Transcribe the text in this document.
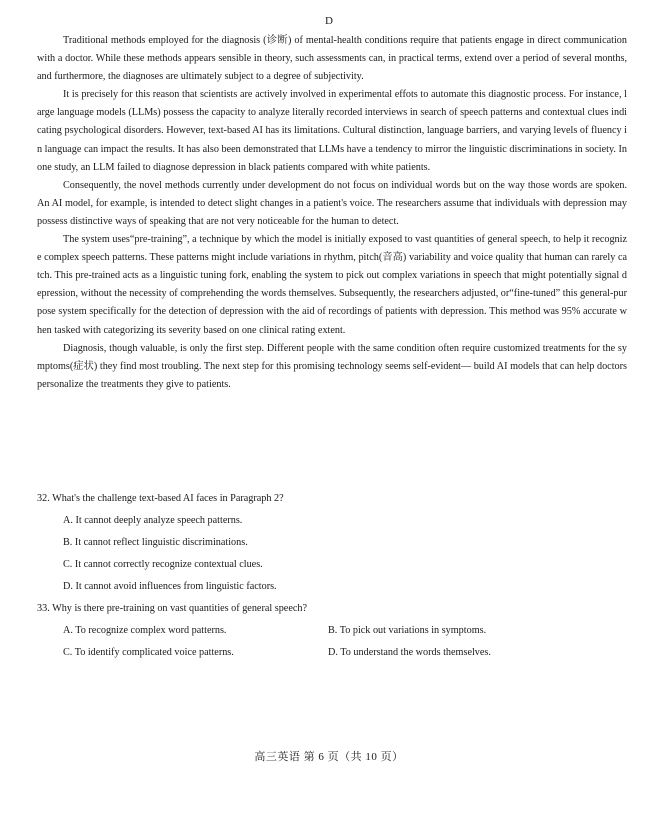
D

Traditional methods employed for the diagnosis (诊断) of mental-health conditions require that patients engage in direct communication with a doctor. While these methods appears sensible in theory, such assessments can, in practical terms, extend over a period of several months, and furthermore, the diagnoses are ultimately subject to a degree of subjectivity.

It is precisely for this reason that scientists are actively involved in experimental effots to automate this diagnostic process. For instance, large language models (LLMs) possess the capacity to analyze literally recorded interviews in search of speech patterns and contextual clues indicating psychological disorders. However, text-based AI has its limitations. Cultural distinction, language barriers, and varying levels of fluency in language can impact the results. It has also been demonstrated that LLMs have a tendency to mirror the linguistic discriminations in society. In one study, an LLM failed to diagnose depression in black patients compared with white patients.

Consequently, the novel methods currently under development do not focus on individual words but on the way those words are spoken. An AI model, for example, is intended to detect slight changes in a patient's voice. The researchers assume that individuals with depression may possess distinctive ways of speaking that are not very noticeable for the human to detect.

The system uses“pre-training”, a technique by which the model is initially exposed to vast quantities of general speech, to help it recognize complex speech patterns. These patterns might include variations in rhythm, pitch(音高) variability and voice quality that human can rarely catch. This pre-trained acts as a linguistic tuning fork, enabling the system to pick out complex variations in speech that might potentially signal depression, without the necessity of comprehending the words themselves. Subsequently, the researchers adjusted, or“fine-tuned” this general-purpose system specifically for the detection of depression with the aid of recordings of patients with depression. This method was 95% accurate when tasked with categorizing its severity based on one clinical rating extent.

Diagnosis, though valuable, is only the first step. Different people with the same condition often require customized treatments for the symptoms(症状) they find most troubling. The next step for this promising technology seems self-evident— build AI models that can help doctors personalize the treatments they give to patients.

32. What's the challenge text-based AI faces in Paragraph 2?

A. It cannot deeply analyze speech patterns.

B. It cannot reflect linguistic discriminations.

C. It cannot correctly recognize contextual clues.

D. It cannot avoid influences from linguistic factors.

33. Why is there pre-training on vast quantities of general speech?

A. To recognize complex word patterns.	B. To pick out variations in symptoms.
C. To identify complicated voice patterns.	D. To understand the words themselves.
高三英语 第 6 页（共 10 页）
